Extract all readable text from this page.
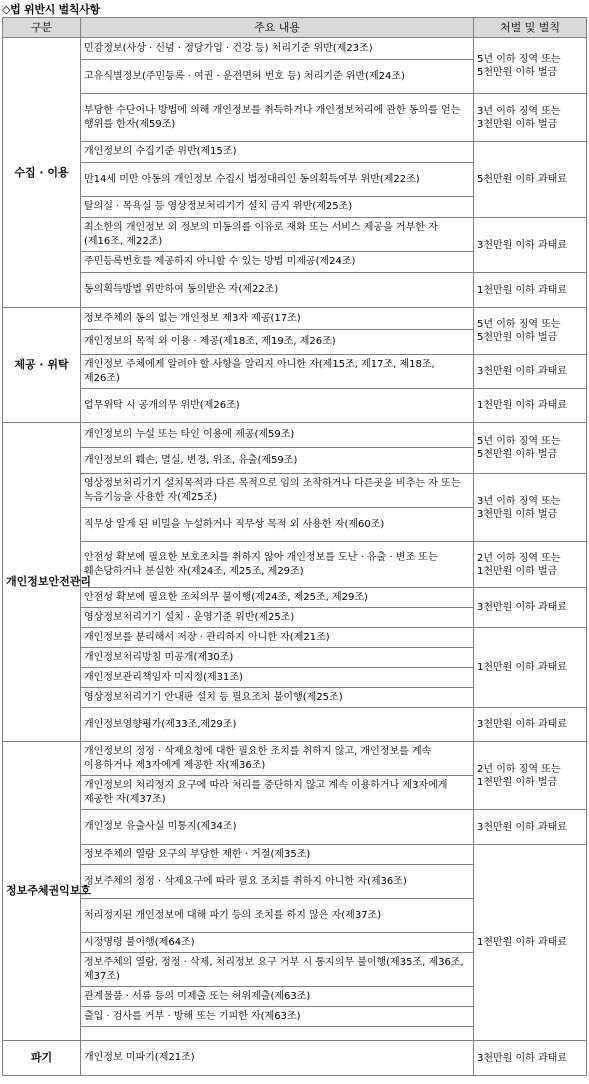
◇법 위반시 벌칙사항
구분	주요 내용	처벌 및 벌칙
수집 · 이용	민감정보(사상 · 신념 · 정당가입 · 건강 등) 처리기준 위반(제23조)	5년 이하 징역 또는 5천만원 이하 벌금
	고유식별정보(주민등록 · 여권 · 운전면허 번호 등) 처리기준 위반(제24조)	
	부당한 수단이나 방법에 의해 개인정보를 취득하거나 개인정보처리에 관한 동의를 얻는 행위를 한자(제59조)	3년 이하 징역 또는 3천만원 이하 벌금
	개인정보의 수집기준 위반(제15조)	5천만원 이하 과태료
	만14세 미만 아동의 개인정보 수집시 법정대리인 동의획득여부 위반(제22조)	
	탈의실 · 목욕실 등 영상정보처리기기 설치 금지 위반(제25조)	
	최소한의 개인정보 외 정보의 미동의를 이유로 재화 또는 서비스 제공을 거부한 자(제16조, 제22조)	3천만원 이하 과태료
	주민등록번호를 제공하지 아니할 수 있는 방법 미제공(제24조)	
	동의획득방법 위반하여 동의받은 자(제22조)	1천만원 이하 과태료
제공 · 위탁	정보주체의 동의 없는 개인정보 제3자 제공(17조)	5년 이하 징역 또는 5천만원 이하 벌금
	개인정보의 목적 외 이용 · 제공(제18조, 제19조, 제26조)	
	개인정보 주체에게 알려야 할 사항을 알리지 아니한 자(제15조, 제17조, 제18조, 제26조)	3천만원 이하 과태료
	업무위탁 시 공개의무 위반(제26조)	1천만원 이하 과태료
개인정보안전관리	개인정보의 누설 또는 타인 이용에 제공(제59조)	5년 이하 징역 또는 5천만원 이하 벌금
	개인정보의 훼손, 멸실, 변경, 위조, 유출(제59조)	
	영상정보처리기기 설치목적과 다른 목적으로 임의 조작하거나 다른곳을 비추는 자 또는 녹음기능을 사용한 자(제25조)	3년 이하 징역 또는 3천만원 이하 벌금
	직무상 알게 된 비밀을 누설하거나 직무상 목적 외 사용한 자(제60조)	
	안전성 확보에 필요한 보호조치를 취하지 않아 개인정보를 도난 · 유출 · 변조 또는 훼손당하거나 분실한 자(제24조, 제25조, 제29조)	2년 이하 징역 또는 1천만원 이하 벌금
	안전성 확보에 필요한 조치의무 불이행(제24조, 제25조, 제29조)	3천만원 이하 과태료
	영상정보처리기기 설치 · 운영기준 위반(제25조)	
	개인정보를 분리해서 저장 · 관리하지 아니한 자(제21조)	1천만원 이하 과태료
	개인정보처리방침 미공개(제30조)	
	개인정보관리책임자 미지정(제31조)	
	영상정보처리기기 안내판 설치 등 필요조치 불이행(제25조)	
	개인정보영향평가(제33조,제29조)	3천만원 이하 과태료
정보주체권익보호	개인정보의 정정 · 삭제요청에 대한 필요한 조치를 취하지 않고, 개인정보를 계속 이용하거나 제3자에게 제공한 자(제36조)	2년 이하 징역 또는 1천만원 이하 벌금
	개인정보의 처리정지 요구에 따라 처리를 중단하지 않고 계속 이용하거나 제3자에게 제공한 자(제37조)	
	개인정보 유출사실 미통지(제34조)	3천만원 이하 과태료
	정보주체의 열람 요구의 부당한 제한 · 거절(제35조)	1천만원 이하 과태료
	정보주체의 정정 · 삭제요구에 따라 필요 조치를 취하지 아니한 자(제36조)	
	처리정지된 개인정보에 대해 파기 등의 조치를 하지 않은 자(제37조)	
	시정명령 불이행(제64조)	
	정보주체의 열람, 정정 · 삭제, 처리정보 요구 거부 시 통지의무 불이행(제35조, 제36조, 제37조)	
	관계물품 · 서류 등의 미제출 또는 허위제출(제63조)	
	출입 · 검사를 거부 · 방해 또는 기피한 자(제63조)	

파기	개인정보 미파기(제21조)	3천만원 이하 과태료
